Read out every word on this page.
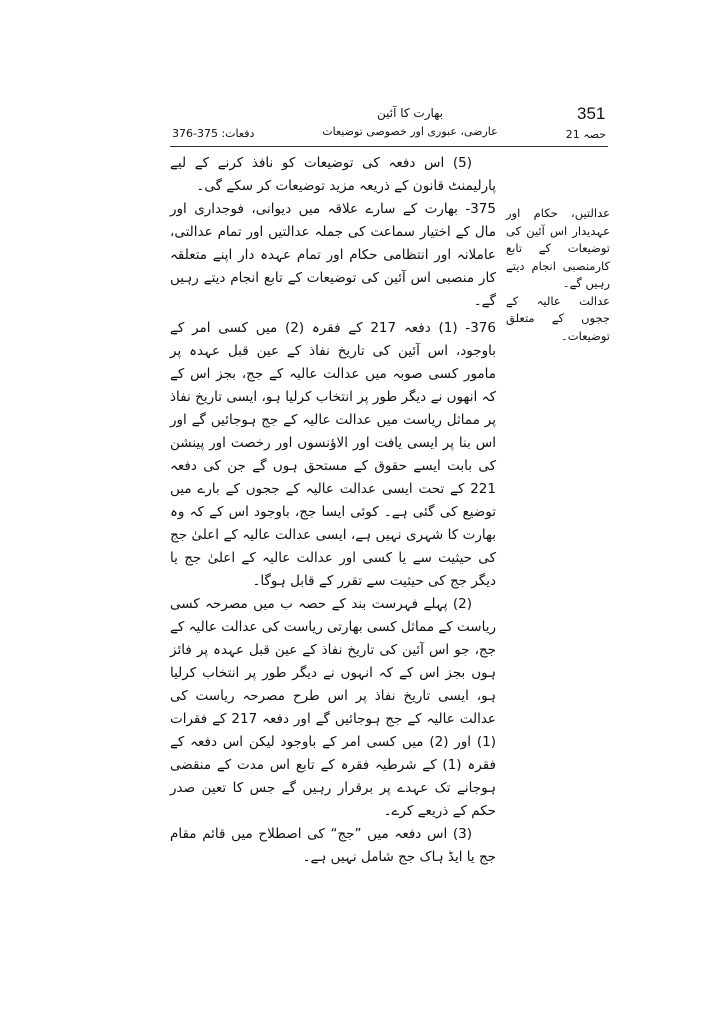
351
حصہ 21
بھارت کا آئین
عارضی، عبوری اور خصوصی توضیعات
دفعات: 375-376

(5) اس دفعہ کی توضیعات کو نافذ کرنے کے لیے پارلیمنٹ قانون کے ذریعہ مزید توضیعات کر سکے گی۔

375- بھارت کے سارے علاقہ میں دیوانی، فوجداری اور مال کے اختیار سماعت کی جملہ عدالتیں اور تمام عدالتی، عاملانہ اور انتظامی حکام اور تمام عہدہ دار اپنے متعلقہ کار منصبی اس آئین کی توضیعات کے تابع انجام دیتے رہیں گے۔

376- (1) دفعہ 217 کے فقرہ (2) میں کسی امر کے باوجود، اس آئین کی تاریخ نفاذ کے عین قبل عہدہ پر مامور کسی صوبہ میں عدالت عالیہ کے جج، بجز اس کے کہ انھوں نے دیگر طور پر انتخاب کرلیا ہو، ایسی تاریخ نفاذ پر مماثل ریاست میں عدالت عالیہ کے جج ہوجائیں گے اور اس بنا پر ایسی یافت اور الاؤنسوں اور رخصت اور پینشن کی بابت ایسے حقوق کے مستحق ہوں گے جن کی دفعہ 221 کے تحت ایسی عدالت عالیہ کے ججوں کے بارے میں توضیع کی گئی ہے۔ کوئی ایسا جج، باوجود اس کے کہ وہ بھارت کا شہری نہیں ہے، ایسی عدالت عالیہ کے اعلیٰ جج کی حیثیت سے یا کسی اور عدالت عالیہ کے اعلیٰ جج یا دیگر جج کی حیثیت سے تقرر کے قابل ہوگا۔

(2) پہلے فہرست بند کے حصہ ب میں مصرحہ کسی ریاست کے مماثل کسی بھارتی ریاست کی عدالت عالیہ کے جج، جو اس آئین کی تاریخ نفاذ کے عین قبل عہدہ پر فائز ہوں بجز اس کے کہ انہوں نے دیگر طور پر انتخاب کرلیا ہو، ایسی تاریخ نفاذ پر اس طرح مصرحہ ریاست کی عدالت عالیہ کے جج ہوجائیں گے اور دفعہ 217 کے فقرات (1) اور (2) میں کسی امر کے باوجود لیکن اس دفعہ کے فقرہ (1) کے شرطیہ فقرہ کے تابع اس مدت کے منقضی ہوجانے تک عہدے پر برقرار رہیں گے جس کا تعین صدر حکم کے ذریعے کرے۔

(3) اس دفعہ میں ”جج“ کی اصطلاح میں قائم مقام جج یا ایڈ ہاک جج شامل نہیں ہے۔

عدالتیں، حکام اور عہدیدار اس آئین کی توضیعات کے تابع کارمنصبی انجام دیتے رہیں گے۔

عدالت عالیہ کے ججوں کے متعلق توضیعات۔
